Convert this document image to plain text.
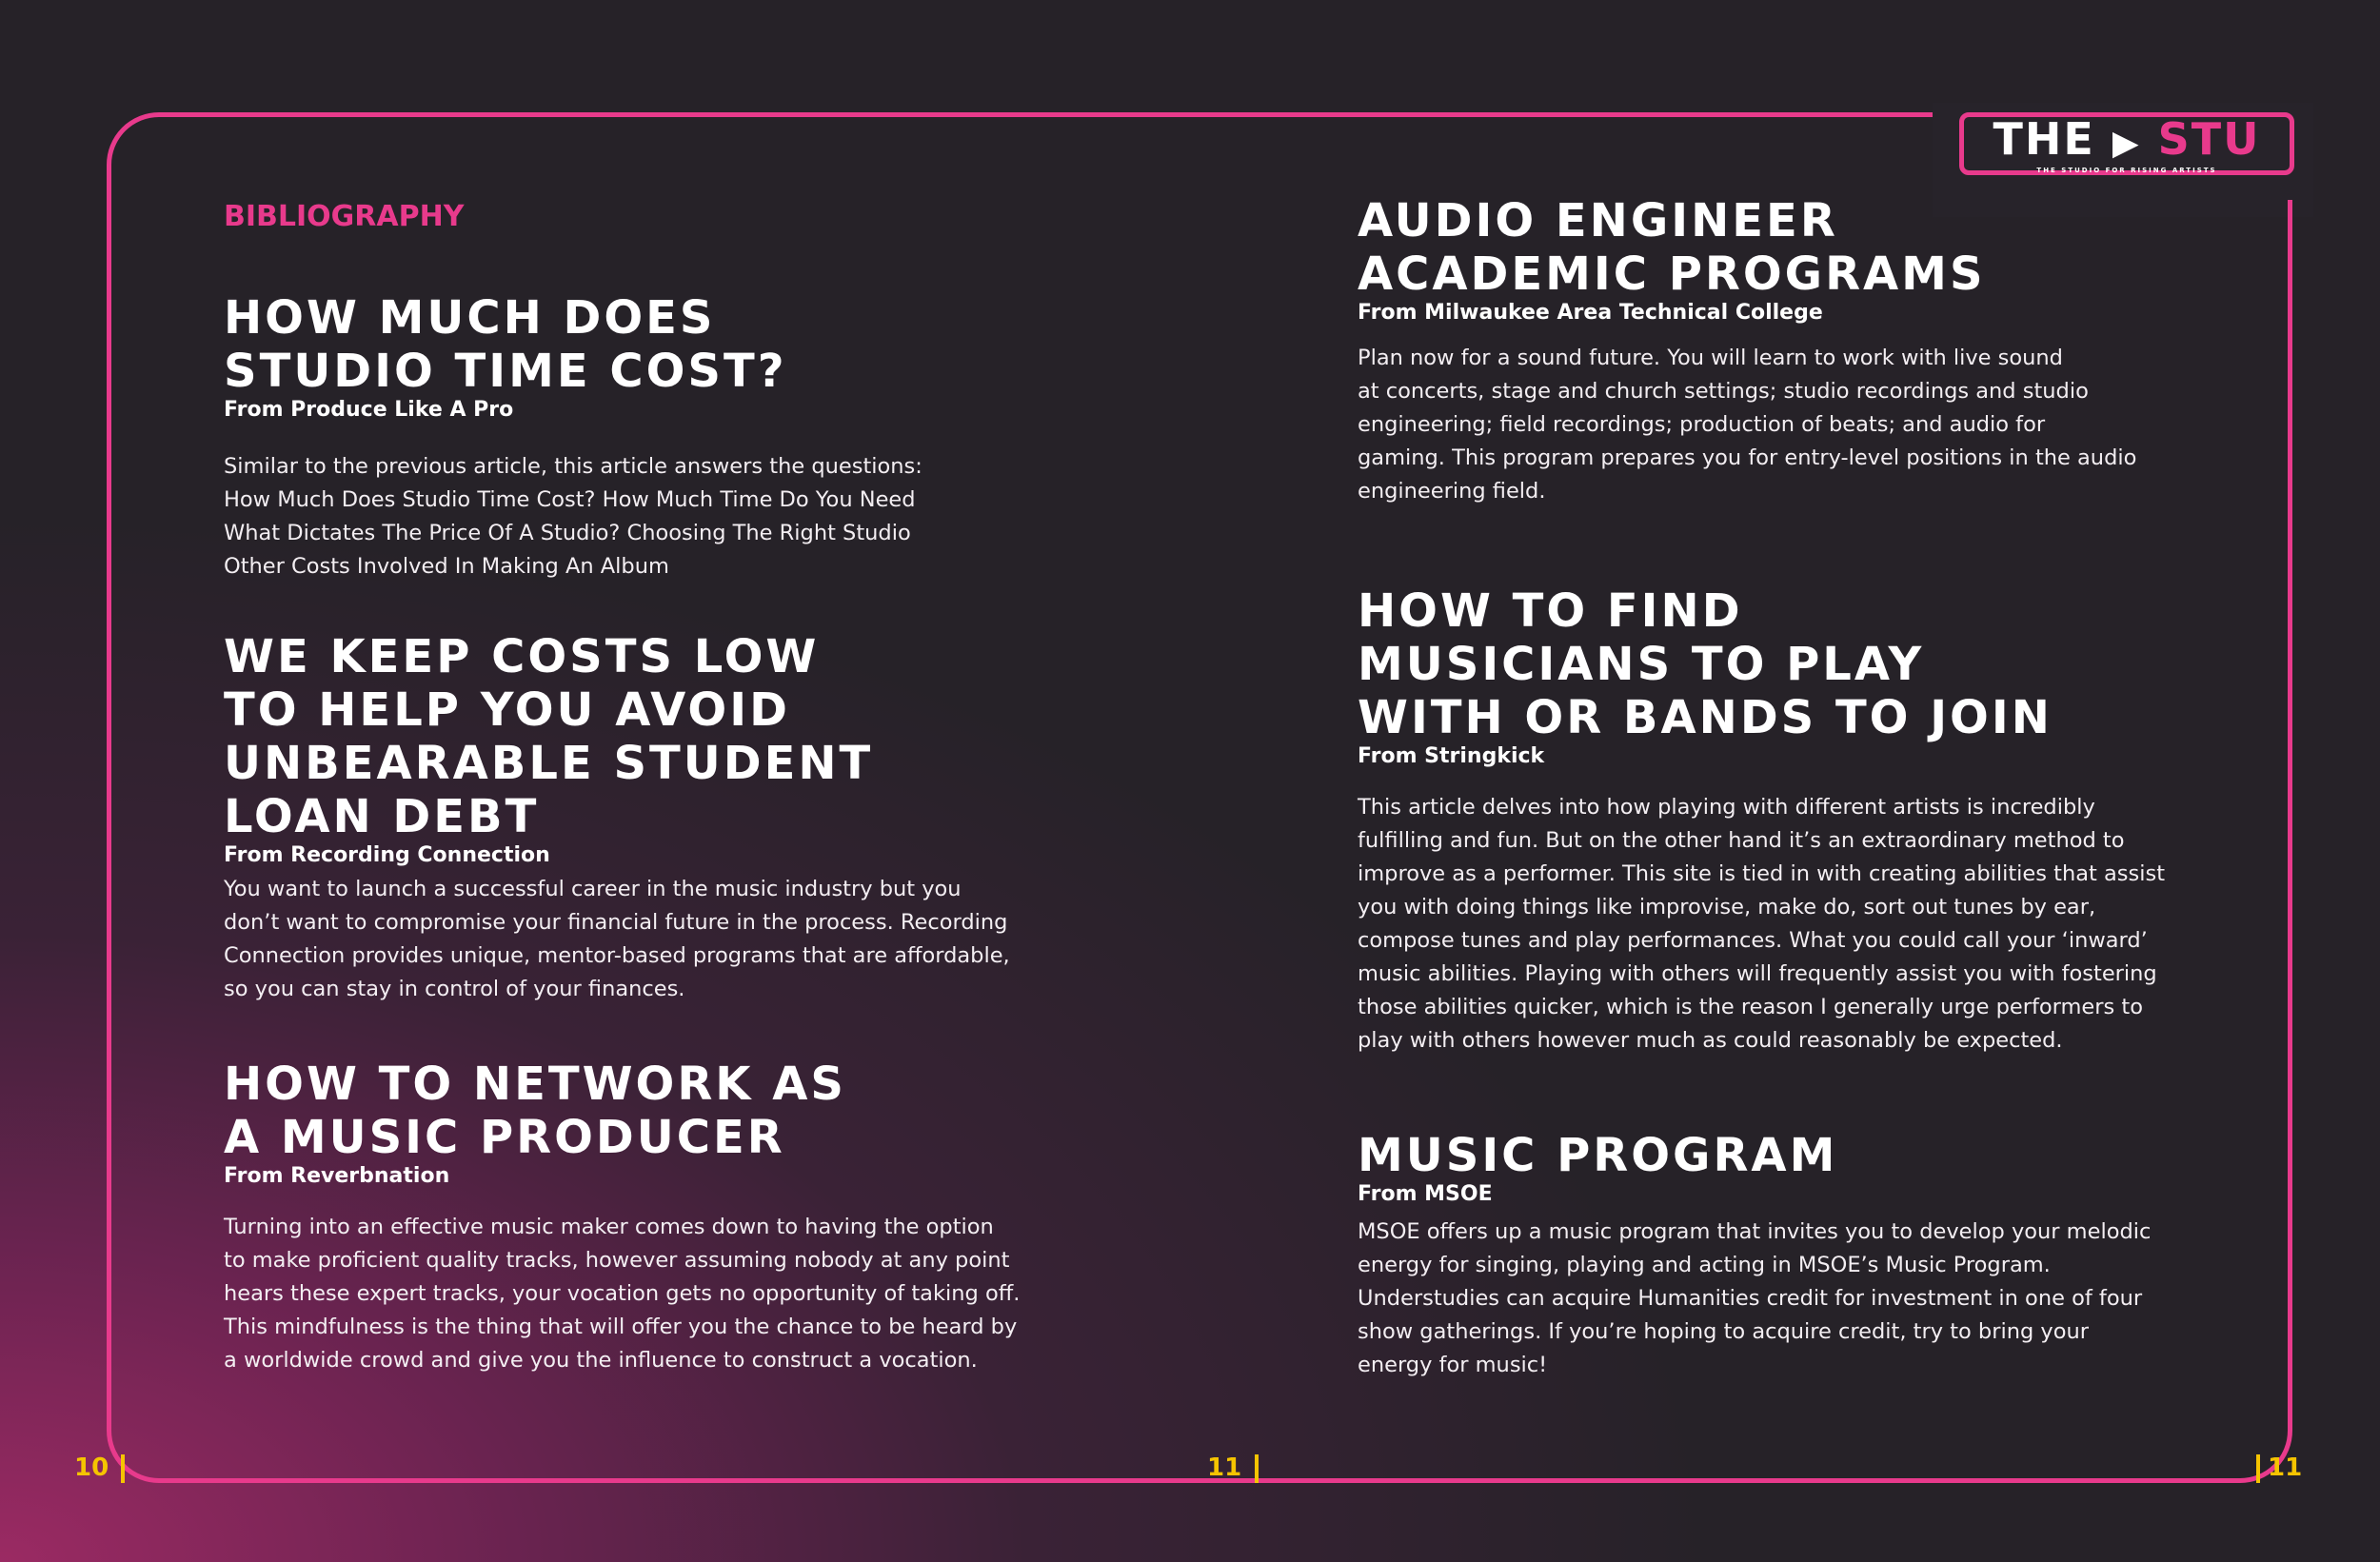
THE ▶ STU
THE STUDIO FOR RISING ARTISTS

BIBLIOGRAPHY

HOW MUCH DOES
STUDIO TIME COST?

From Produce Like A Pro

Similar to the previous article, this article answers the questions:
How Much Does Studio Time Cost? How Much Time Do You Need
What Dictates The Price Of A Studio? Choosing The Right Studio
Other Costs Involved In Making An Album

WE KEEP COSTS LOW
TO HELP YOU AVOID
UNBEARABLE STUDENT
LOAN DEBT

From Recording Connection

You want to launch a successful career in the music industry but you
don’t want to compromise your financial future in the process. Recording
Connection provides unique, mentor-based programs that are affordable,
so you can stay in control of your finances.

HOW TO NETWORK AS
A MUSIC PRODUCER

From Reverbnation

Turning into an effective music maker comes down to having the option
to make proficient quality tracks, however assuming nobody at any point
hears these expert tracks, your vocation gets no opportunity of taking off.
This mindfulness is the thing that will offer you the chance to be heard by
a worldwide crowd and give you the influence to construct a vocation.

AUDIO ENGINEER
ACADEMIC PROGRAMS

From Milwaukee Area Technical College

Plan now for a sound future. You will learn to work with live sound
at concerts, stage and church settings; studio recordings and studio
engineering; field recordings; production of beats; and audio for
gaming. This program prepares you for entry-level positions in the audio
engineering field.

HOW TO FIND
MUSICIANS TO PLAY
WITH OR BANDS TO JOIN

From Stringkick

This article delves into how playing with different artists is incredibly
fulfilling and fun. But on the other hand it’s an extraordinary method to
improve as a performer. This site is tied in with creating abilities that assist
you with doing things like improvise, make do, sort out tunes by ear,
compose tunes and play performances. What you could call your ‘inward’
music abilities. Playing with others will frequently assist you with fostering
those abilities quicker, which is the reason I generally urge performers to
play with others however much as could reasonably be expected.

MUSIC PROGRAM

From MSOE

MSOE offers up a music program that invites you to develop your melodic
energy for singing, playing and acting in MSOE’s Music Program.
Understudies can acquire Humanities credit for investment in one of four
show gatherings. If you’re hoping to acquire credit, try to bring your
energy for music!

10	11	11
